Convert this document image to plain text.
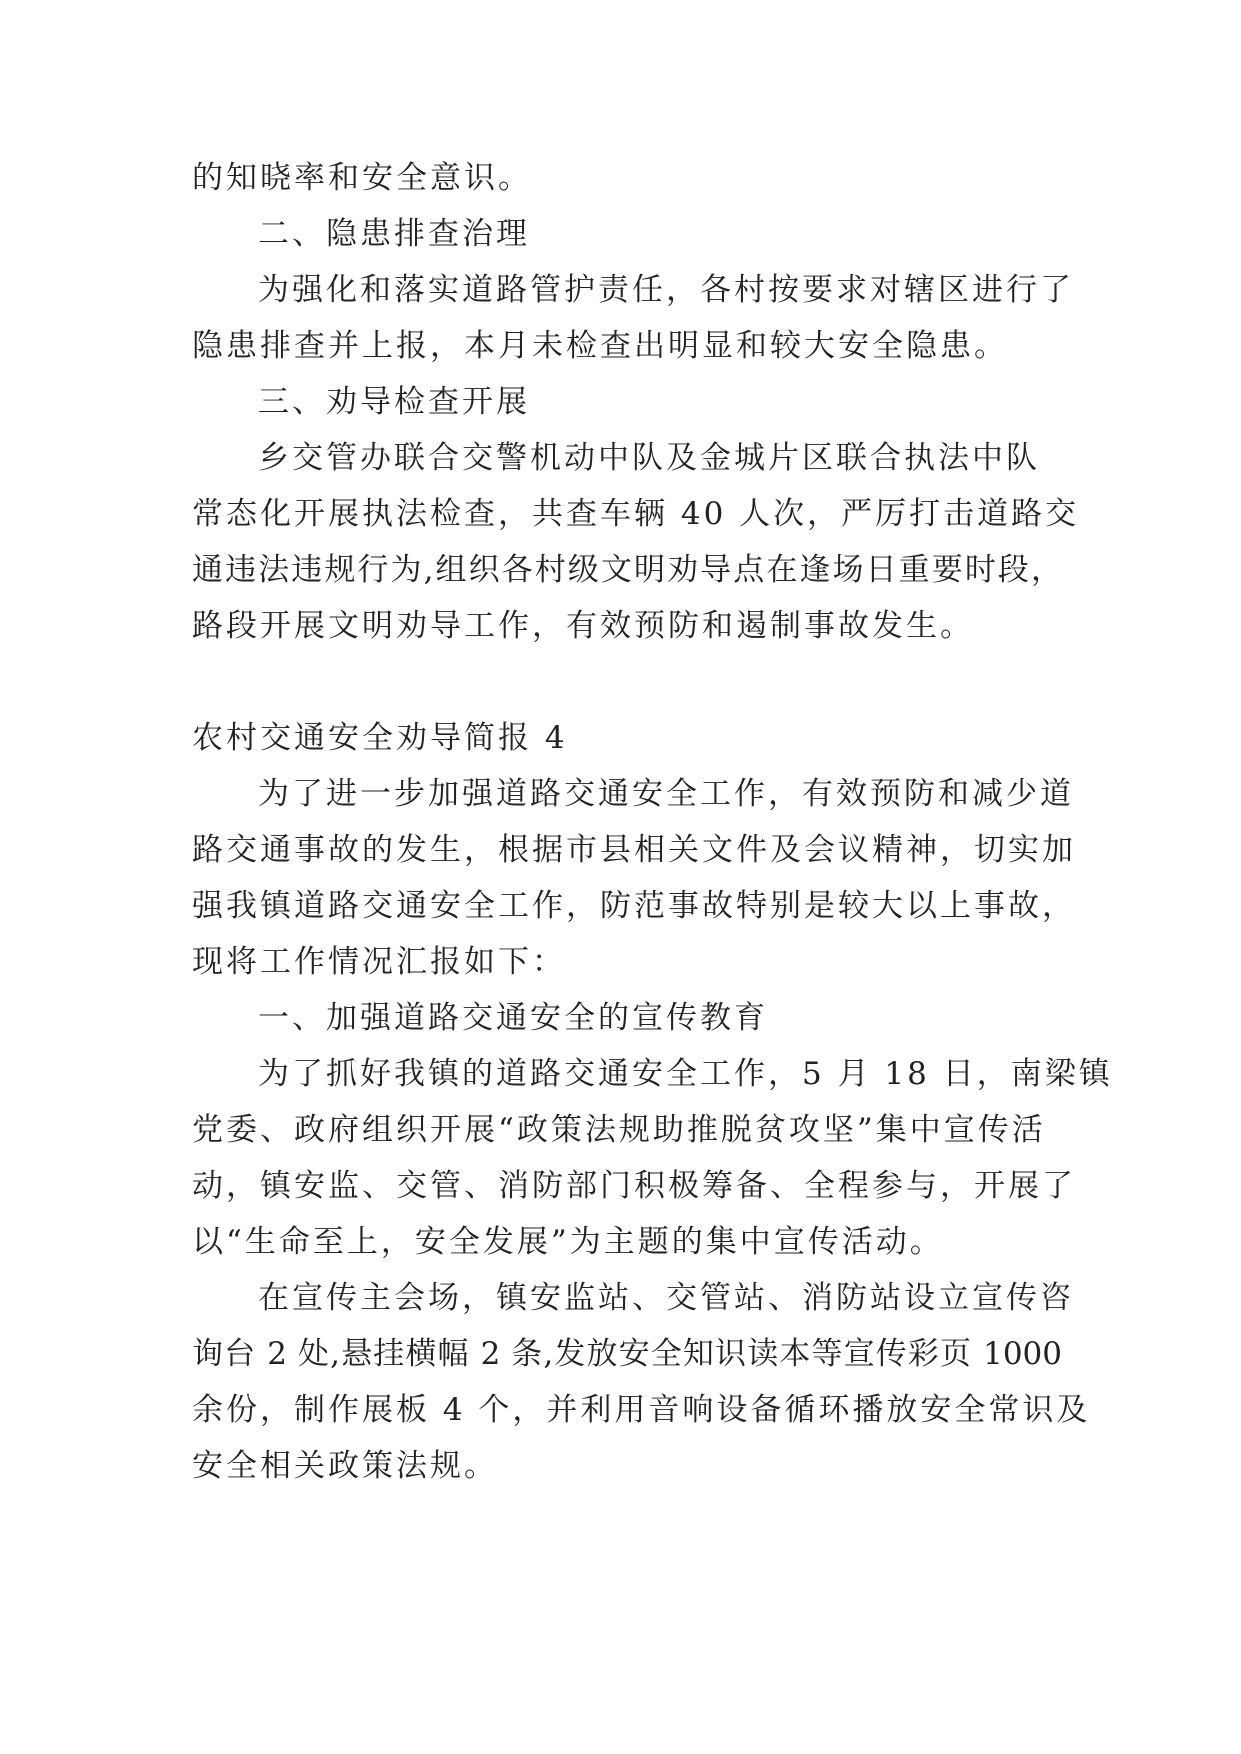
的知晓率和安全意识。
二、隐患排查治理
为强化和落实道路管护责任，各村按要求对辖区进行了
隐患排查并上报，本月未检查出明显和较大安全隐患。
三、劝导检查开展
乡交管办联合交警机动中队及金城片区联合执法中队
常态化开展执法检查，共查车辆 40 人次，严厉打击道路交
通违法违规行为,组织各村级文明劝导点在逢场日重要时段，
路段开展文明劝导工作，有效预防和遏制事故发生。
农村交通安全劝导简报 4
为了进一步加强道路交通安全工作，有效预防和减少道
路交通事故的发生，根据市县相关文件及会议精神，切实加
强我镇道路交通安全工作，防范事故特别是较大以上事故，
现将工作情况汇报如下：
一、加强道路交通安全的宣传教育
为了抓好我镇的道路交通安全工作，5 月 18 日，南梁镇
党委、政府组织开展“政策法规助推脱贫攻坚”集中宣传活
动，镇安监、交管、消防部门积极筹备、全程参与，开展了
以“生命至上，安全发展”为主题的集中宣传活动。
在宣传主会场，镇安监站、交管站、消防站设立宣传咨
询台 2 处,悬挂横幅 2 条,发放安全知识读本等宣传彩页 1000
余份，制作展板 4 个，并利用音响设备循环播放安全常识及
安全相关政策法规。
